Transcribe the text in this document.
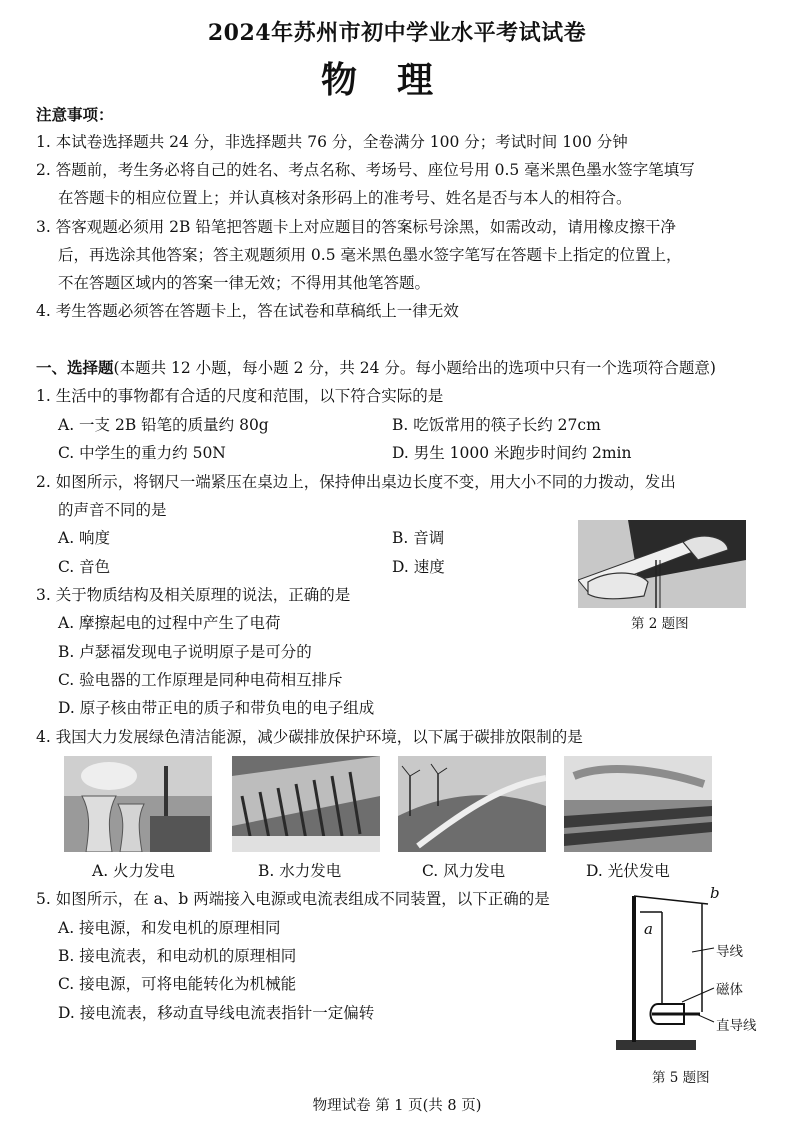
2024年苏州市初中学业水平考试试卷
物理
注意事项：
1. 本试卷选择题共 24 分，非选择题共 76 分，全卷满分 100 分；考试时间 100 分钟
2. 答题前，考生务必将自己的姓名、考点名称、考场号、座位号用 0.5 毫米黑色墨水签字笔填写
在答题卡的相应位置上；并认真核对条形码上的准考号、姓名是否与本人的相符合。
3. 答客观题必须用 2B 铅笔把答题卡上对应题目的答案标号涂黑，如需改动，请用橡皮擦干净
后，再选涂其他答案；答主观题须用 0.5 毫米黑色墨水签字笔写在答题卡上指定的位置上，
不在答题区域内的答案一律无效；不得用其他笔答题。
4. 考生答题必须答在答题卡上，答在试卷和草稿纸上一律无效
一、选择题(本题共 12 小题，每小题 2 分，共 24 分。每小题给出的选项中只有一个选项符合题意)
1. 生活中的事物都有合适的尺度和范围，以下符合实际的是
A. 一支 2B 铅笔的质量约 80g	B. 吃饭常用的筷子长约 27cm
C. 中学生的重力约 50N	D. 男生 1000 米跑步时间约 2min
2. 如图所示，将钢尺一端紧压在桌边上，保持伸出桌边长度不变，用大小不同的力拨动，发出
的声音不同的是
A. 响度	B. 音调
C. 音色	D. 速度
第 2 题图
3. 关于物质结构及相关原理的说法，正确的是
A. 摩擦起电的过程中产生了电荷
B. 卢瑟福发现电子说明原子是可分的
C. 验电器的工作原理是同种电荷相互排斥
D. 原子核由带正电的质子和带负电的电子组成
4. 我国大力发展绿色清洁能源，减少碳排放保护环境，以下属于碳排放限制的是
A. 火力发电	B. 水力发电	C. 风力发电	D. 光伏发电
5. 如图所示，在 a、b 两端接入电源或电流表组成不同装置，以下正确的是
A. 接电源，和发电机的原理相同
B. 接电流表，和电动机的原理相同
C. 接电源，可将电能转化为机械能
D. 接电流表，移动直导线电流表指针一定偏转
b
a
导线
磁体
直导线
第 5 题图
物理试卷 第 1 页(共 8 页)
